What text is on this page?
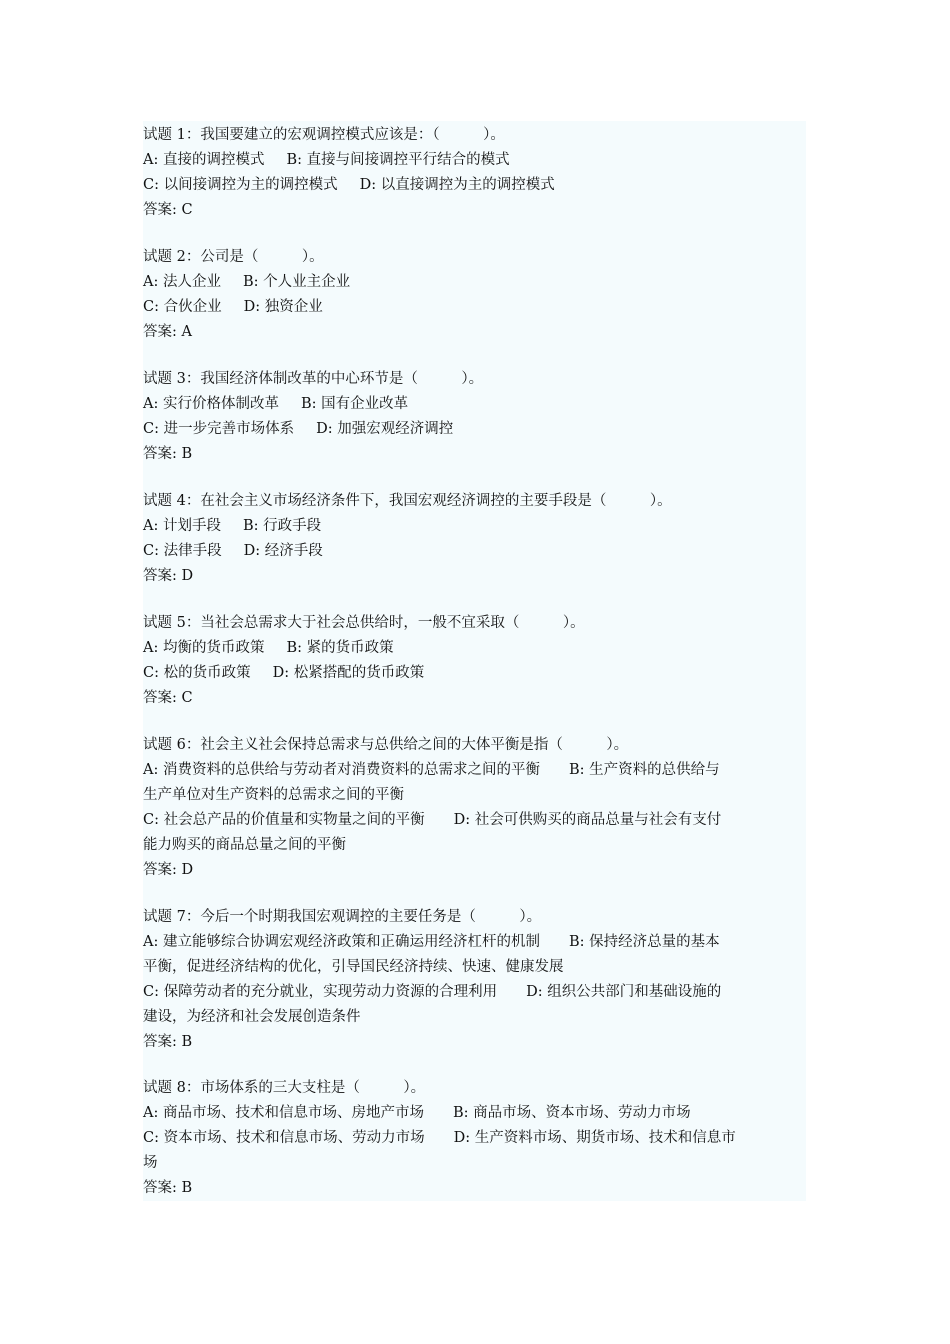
试题 1：我国要建立的宏观调控模式应该是：（　　　）。
A: 直接的调控模式 B: 直接与间接调控平行结合的模式
C: 以间接调控为主的调控模式 D: 以直接调控为主的调控模式
答案: C
试题 2：公司是（　　　）。
A: 法人企业 B: 个人业主企业
C: 合伙企业 D: 独资企业
答案: A
试题 3：我国经济体制改革的中心环节是（　　　）。
A: 实行价格体制改革 B: 国有企业改革
C: 进一步完善市场体系 D: 加强宏观经济调控
答案: B
试题 4：在社会主义市场经济条件下，我国宏观经济调控的主要手段是（　　　）。
A: 计划手段 B: 行政手段
C: 法律手段 D: 经济手段
答案: D
试题 5：当社会总需求大于社会总供给时，一般不宜采取（　　　）。
A: 均衡的货币政策 B: 紧的货币政策
C: 松的货币政策 D: 松紧搭配的货币政策
答案: C
试题 6：社会主义社会保持总需求与总供给之间的大体平衡是指（　　　）。
A: 消费资料的总供给与劳动者对消费资料的总需求之间的平衡　　B: 生产资料的总供给与
生产单位对生产资料的总需求之间的平衡
C: 社会总产品的价值量和实物量之间的平衡　　D: 社会可供购买的商品总量与社会有支付
能力购买的商品总量之间的平衡
答案: D
试题 7：今后一个时期我国宏观调控的主要任务是（　　　）。
A: 建立能够综合协调宏观经济政策和正确运用经济杠杆的机制　　B: 保持经济总量的基本
平衡，促进经济结构的优化，引导国民经济持续、快速、健康发展
C: 保障劳动者的充分就业，实现劳动力资源的合理利用　　D: 组织公共部门和基础设施的
建设，为经济和社会发展创造条件
答案: B
试题 8：市场体系的三大支柱是（　　　）。
A: 商品市场、技术和信息市场、房地产市场　　B: 商品市场、资本市场、劳动力市场
C: 资本市场、技术和信息市场、劳动力市场　　D: 生产资料市场、期货市场、技术和信息市
场
答案: B
